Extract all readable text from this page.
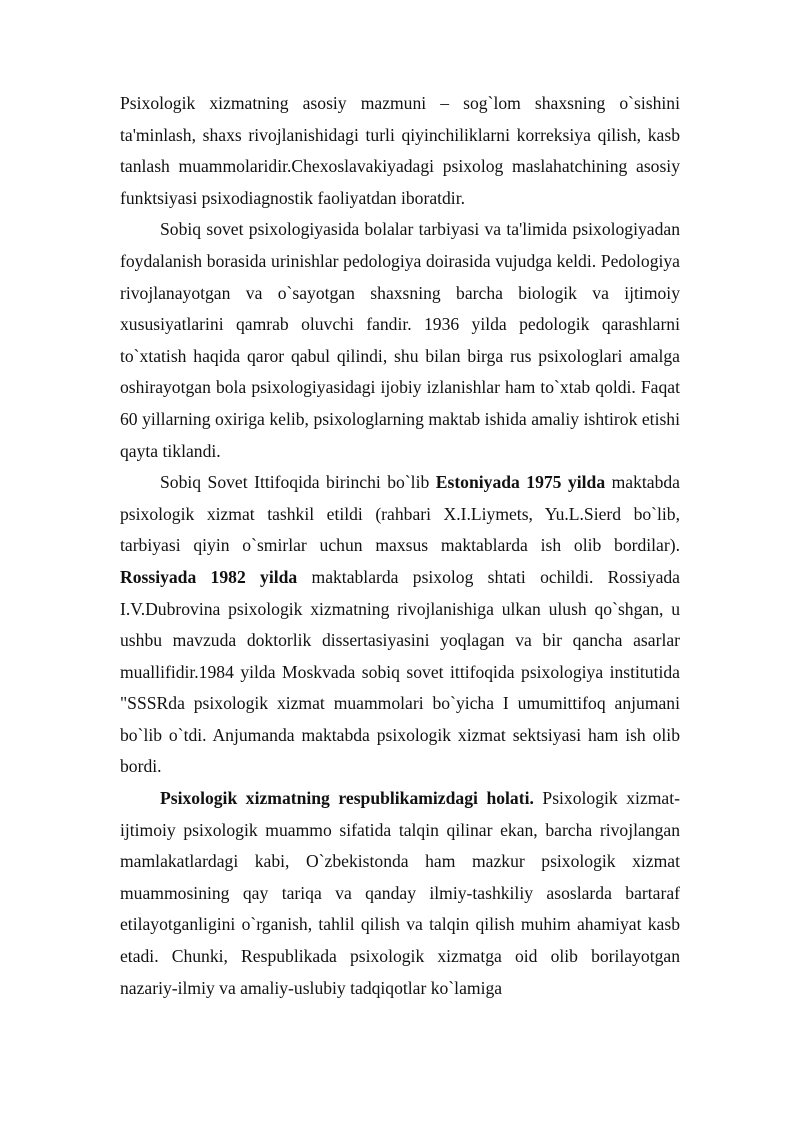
Psixologik xizmatning asosiy mazmuni – sog`lom shaxsning o`sishini ta'minlash, shaxs rivojlanishidagi turli qiyinchiliklarni korreksiya qilish, kasb tanlash muammolaridir.Chexoslavakiyadagi psixolog maslahatchining asosiy funktsiyasi psixodiagnostik faoliyatdan iboratdir.

Sobiq sovet psixologiyasida bolalar tarbiyasi va ta'limida psixologiyadan foydalanish borasida urinishlar pedologiya doirasida vujudga keldi. Pedologiya rivojlanayotgan va o`sayotgan shaxsning barcha biologik va ijtimoiy xususiyatlarini qamrab oluvchi fandir. 1936 yilda pedologik qarashlarni to`xtatish haqida qaror qabul qilindi, shu bilan birga rus psixologlari amalga oshirayotgan bola psixologiyasidagi ijobiy izlanishlar ham to`xtab qoldi. Faqat 60 yillarning oxiriga kelib, psixologlarning maktab ishida amaliy ishtirok etishi qayta tiklandi.

Sobiq Sovet Ittifoqida birinchi bo`lib Estoniyada 1975 yilda maktabda psixologik xizmat tashkil etildi (rahbari X.I.Liymets, Yu.L.Sierd bo`lib, tarbiyasi qiyin o`smirlar uchun maxsus maktablarda ish olib bordilar). Rossiyada 1982 yilda maktablarda psixolog shtati ochildi. Rossiyada I.V.Dubrovina psixologik xizmatning rivojlanishiga ulkan ulush qo`shgan, u ushbu mavzuda doktorlik dissertasiyasini yoqlagan va bir qancha asarlar muallifidir.1984 yilda Moskvada sobiq sovet ittifoqida psixologiya institutida "SSSRda psixologik xizmat muammolari bo`yicha I umumittifoq anjumani bo`lib o`tdi. Anjumanda maktabda psixologik xizmat sektsiyasi ham ish olib bordi.

Psixologik xizmatning respublikamizdagi holati. Psixologik xizmat-ijtimoiy psixologik muammo sifatida talqin qilinar ekan, barcha rivojlangan mamlakatlardagi kabi, O`zbekistonda ham mazkur psixologik xizmat muammosining qay tariqa va qanday ilmiy-tashkiliy asoslarda bartaraf etilayotganligini o`rganish, tahlil qilish va talqin qilish muhim ahamiyat kasb etadi. Chunki, Respublikada psixologik xizmatga oid olib borilayotgan nazariy-ilmiy va amaliy-uslubiy tadqiqotlar ko`lamiga
